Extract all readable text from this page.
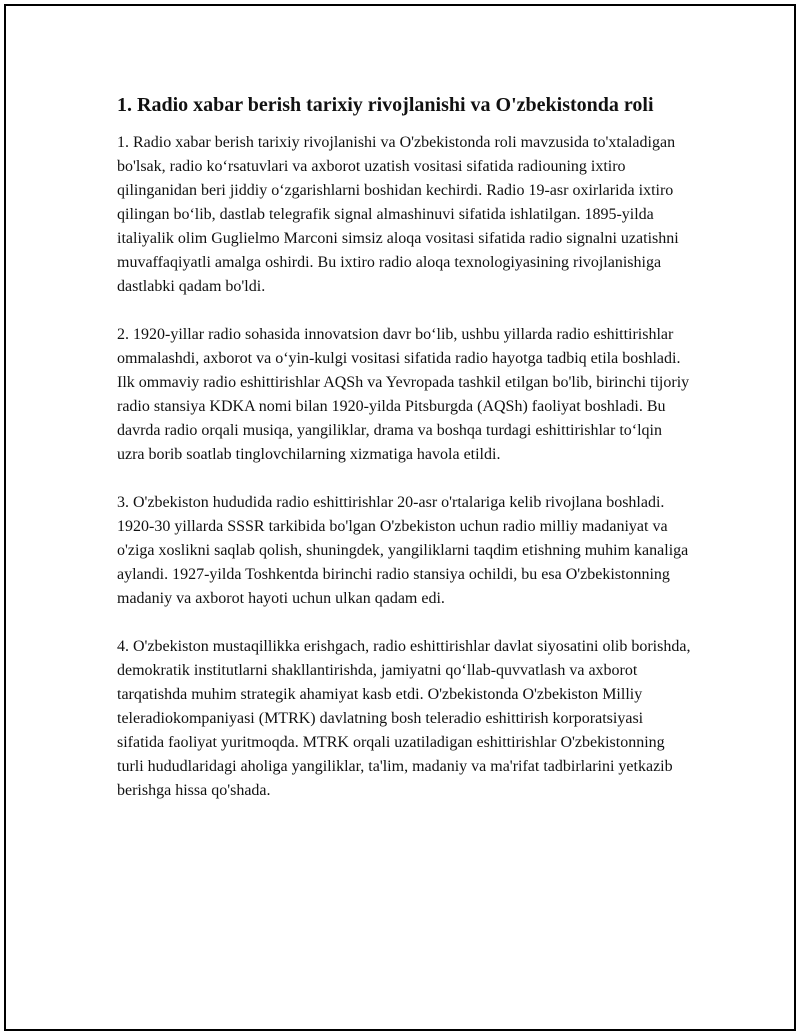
1. Radio xabar berish tarixiy rivojlanishi va O'zbekistonda roli

1. Radio xabar berish tarixiy rivojlanishi va O'zbekistonda roli mavzusida to'xtaladigan bo'lsak, radio ko‘rsatuvlari va axborot uzatish vositasi sifatida radiouning ixtiro qilinganidan beri jiddiy o‘zgarishlarni boshidan kechirdi. Radio 19-asr oxirlarida ixtiro qilingan bo‘lib, dastlab telegrafik signal almashinuvi sifatida ishlatilgan. 1895-yilda italiyalik olim Guglielmo Marconi simsiz aloqa vositasi sifatida radio signalni uzatishni muvaffaqiyatli amalga oshirdi. Bu ixtiro radio aloqa texnologiyasining rivojlanishiga dastlabki qadam bo'ldi.

2. 1920-yillar radio sohasida innovatsion davr bo‘lib, ushbu yillarda radio eshittirishlar ommalashdi, axborot va o‘yin-kulgi vositasi sifatida radio hayotga tadbiq etila boshladi. Ilk ommaviy radio eshittirishlar AQSh va Yevropada tashkil etilgan bo'lib, birinchi tijoriy radio stansiya KDKA nomi bilan 1920-yilda Pitsburgda (AQSh) faoliyat boshladi. Bu davrda radio orqali musiqa, yangiliklar, drama va boshqa turdagi eshittirishlar to‘lqin uzra borib soatlab tinglovchilarning xizmatiga havola etildi.

3. O'zbekiston hududida radio eshittirishlar 20-asr o'rtalariga kelib rivojlana boshladi. 1920-30 yillarda SSSR tarkibida bo'lgan O'zbekiston uchun radio milliy madaniyat va o'ziga xoslikni saqlab qolish, shuningdek, yangiliklarni taqdim etishning muhim kanaliga aylandi. 1927-yilda Toshkentda birinchi radio stansiya ochildi, bu esa O'zbekistonning madaniy va axborot hayoti uchun ulkan qadam edi.

4. O'zbekiston mustaqillikka erishgach, radio eshittirishlar davlat siyosatini olib borishda, demokratik institutlarni shakllantirishda, jamiyatni qo‘llab-quvvatlash va axborot tarqatishda muhim strategik ahamiyat kasb etdi. O'zbekistonda O'zbekiston Milliy teleradiokompaniyasi (MTRK) davlatning bosh teleradio eshittirish korporatsiyasi sifatida faoliyat yuritmoqda. MTRK orqali uzatiladigan eshittirishlar O'zbekistonning turli hududlaridagi aholiga yangiliklar, ta'lim, madaniy va ma'rifat tadbirlarini yetkazib berishga hissa qo'shada.
